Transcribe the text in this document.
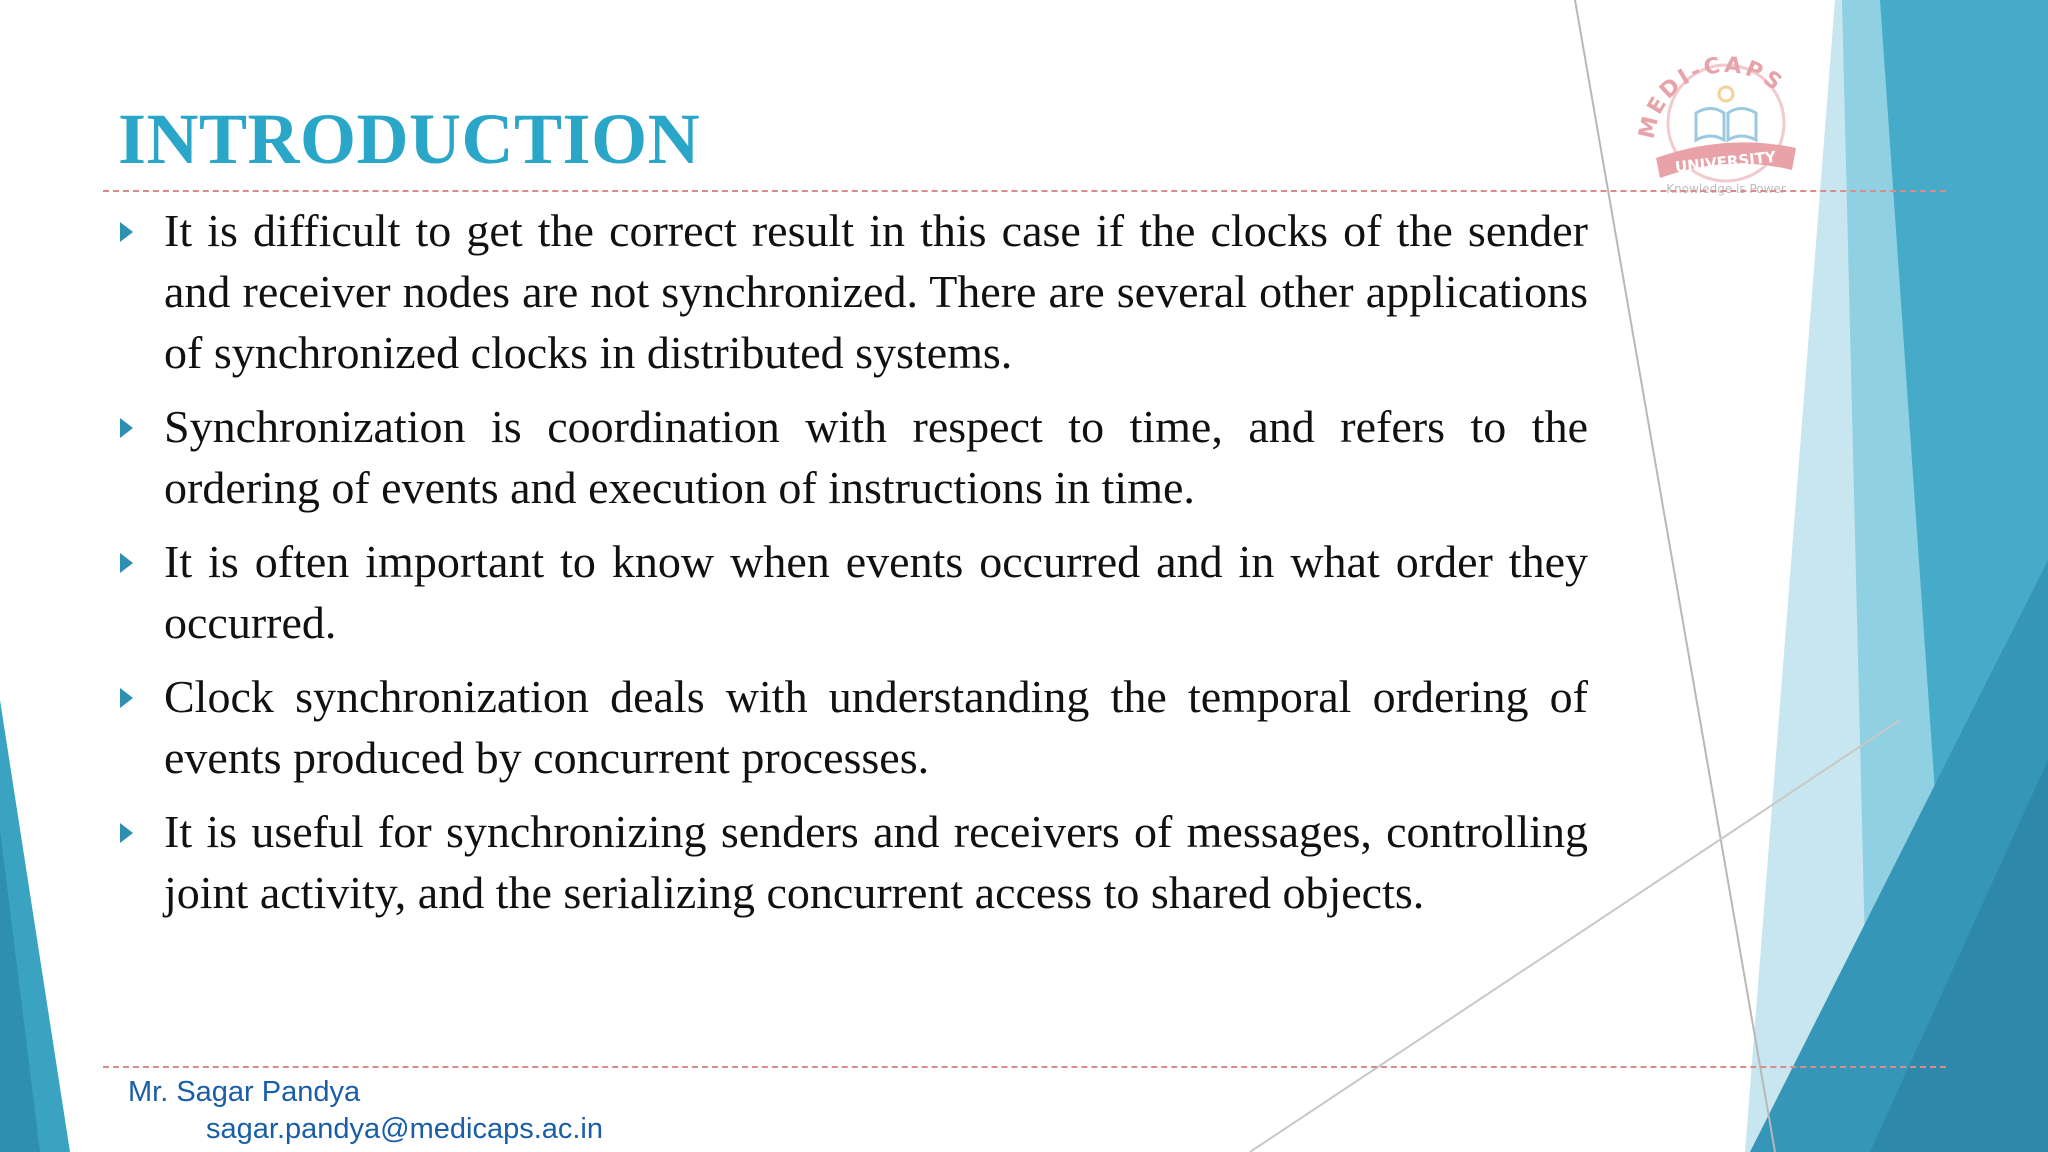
MEDI-CAPS
UNIVERSITY
Knowledge is Power
INTRODUCTION
It is difficult to get the correct result in this case if the clocks of the sender and receiver nodes are not synchronized. There are several other applications of synchronized clocks in distributed systems.
Synchronization is coordination with respect to time, and refers to the ordering of events and execution of instructions in time.
It is often important to know when events occurred and in what order they occurred.
Clock synchronization deals with understanding the temporal ordering of events produced by concurrent processes.
It is useful for synchronizing senders and receivers of messages, controlling joint activity, and the serializing concurrent access to shared objects.
Mr. Sagar Pandya
sagar.pandya@medicaps.ac.in
